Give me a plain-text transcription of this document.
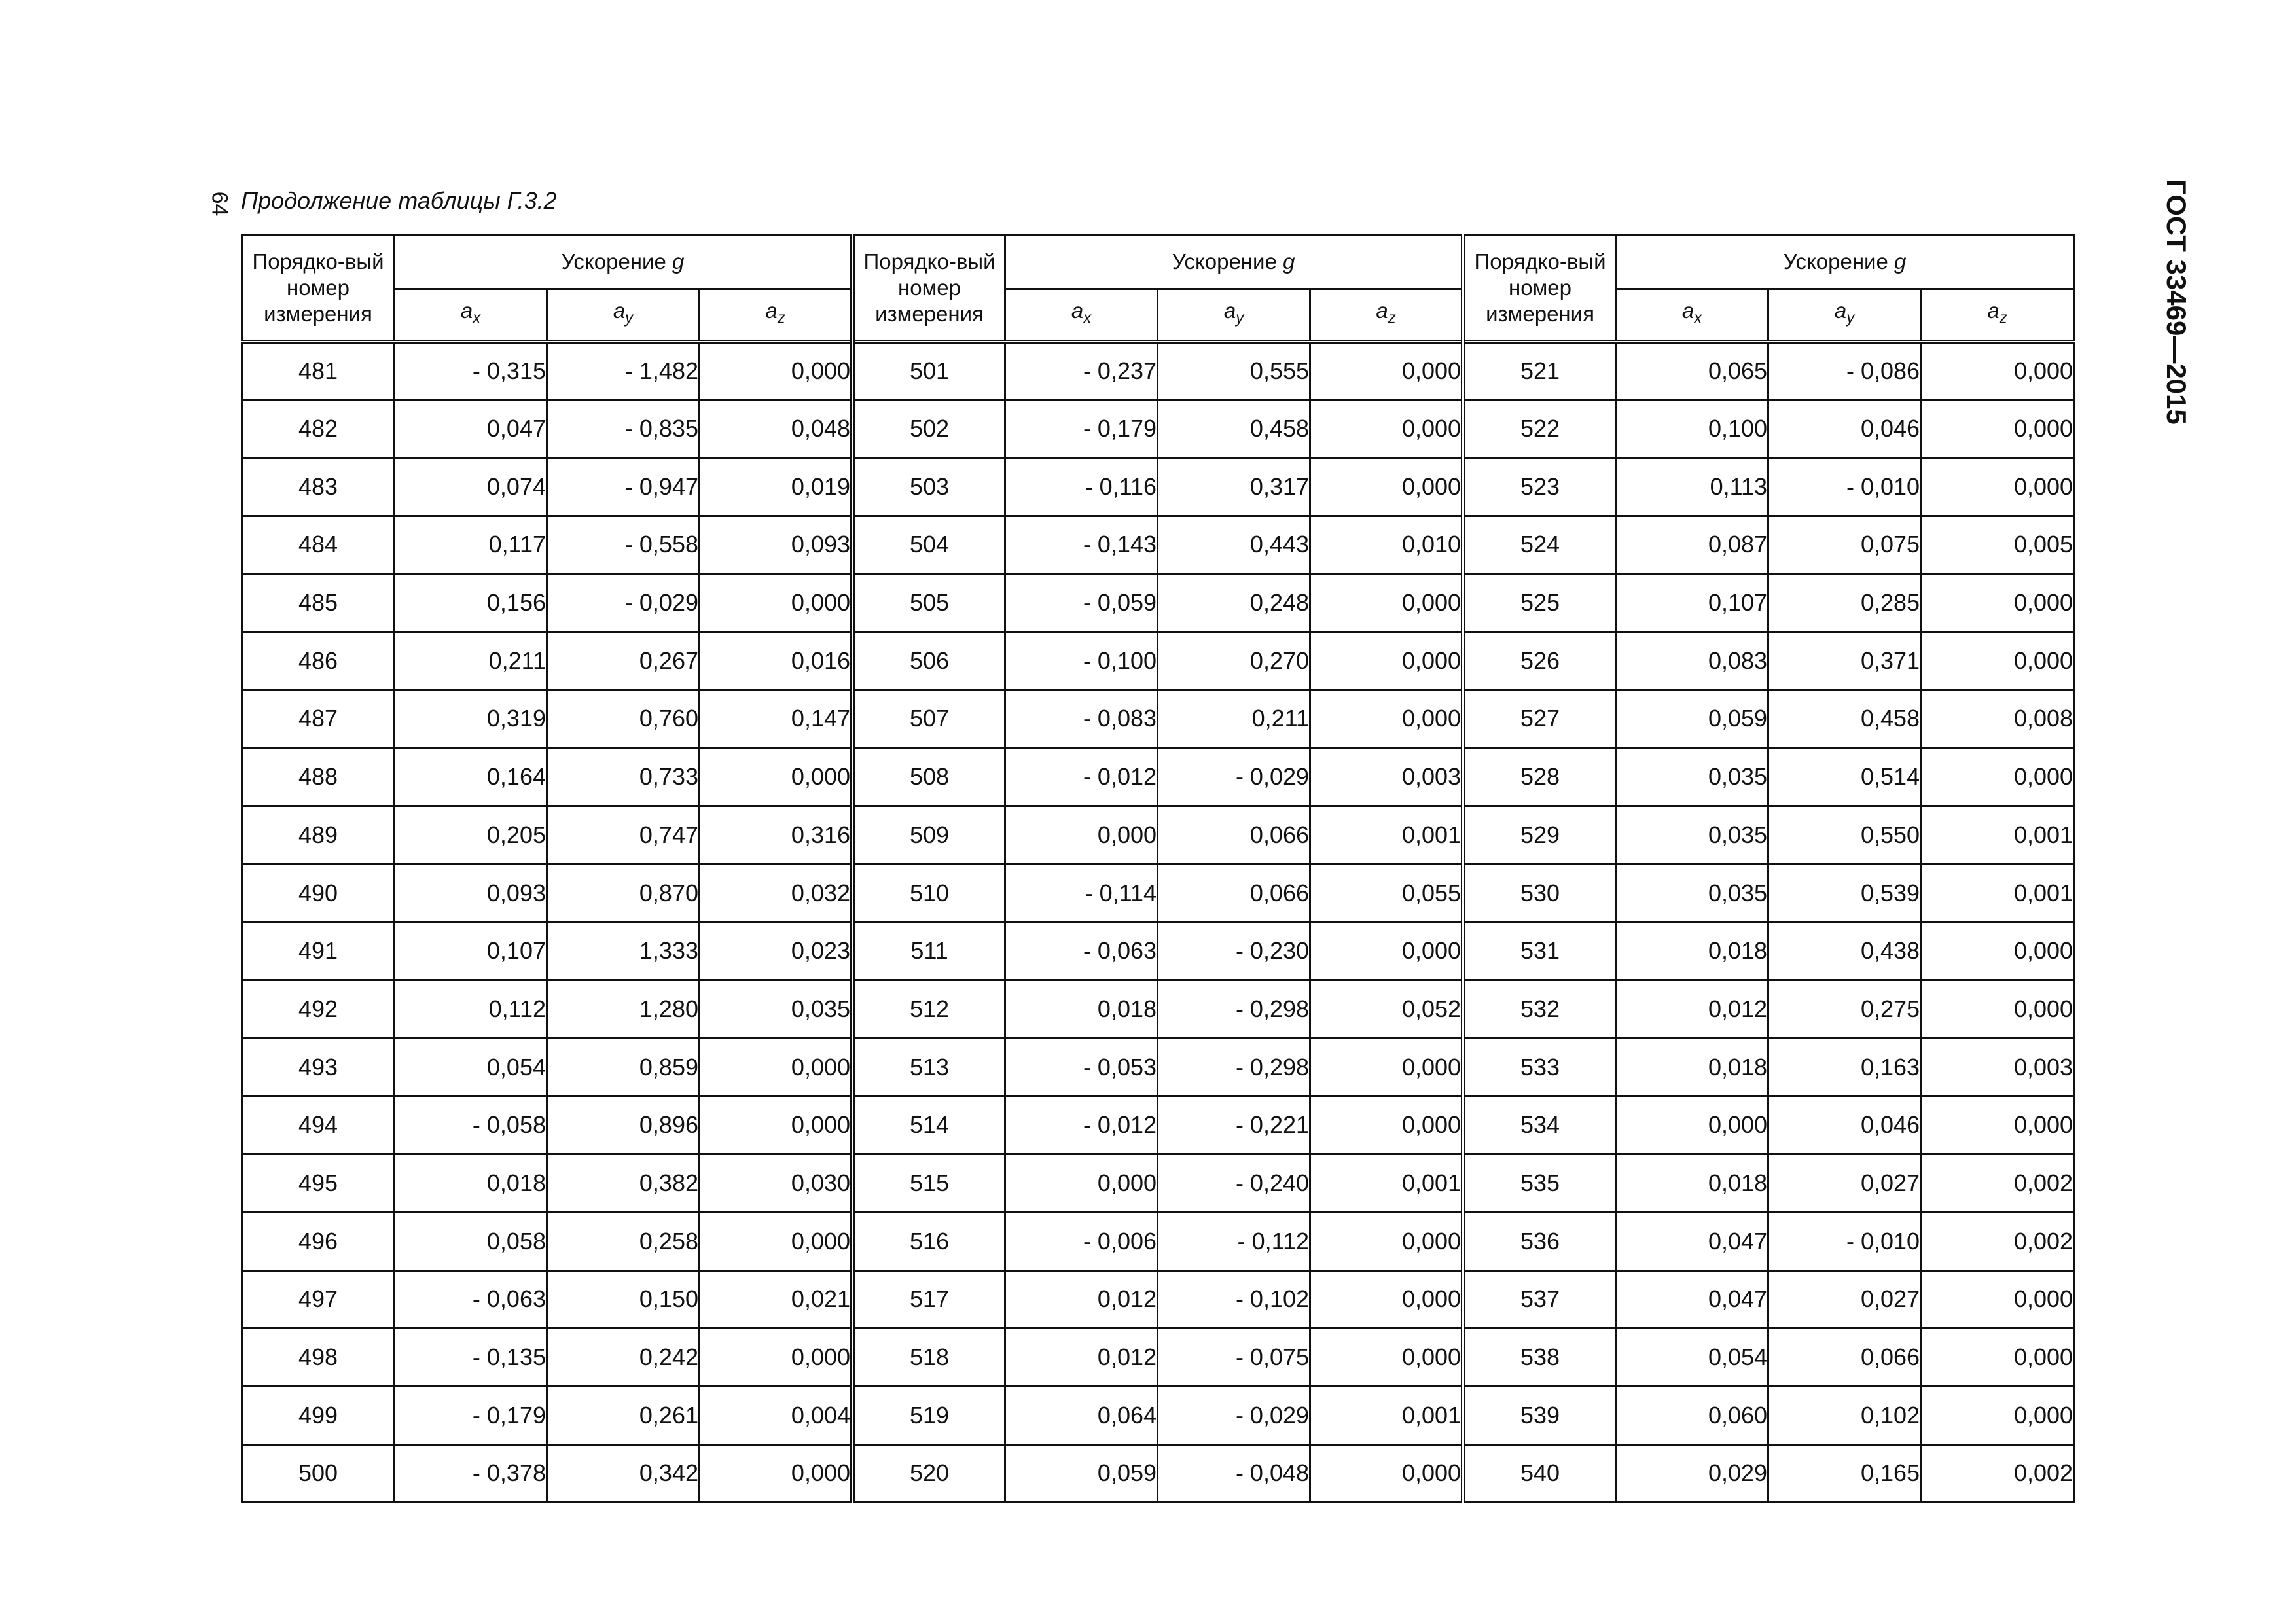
64 Продолжение таблицы Г.3.2	ГОСТ 33469—2015
Порядко-вый номер измерения	Ускорение g			Порядко-вый номер измерения	Ускорение g			Порядко-вый номер измерения	Ускорение g		
	$a_x$	$a_y$	$a_z$		$a_x$	$a_y$	$a_z$		$a_x$	$a_y$	$a_z$
481	- 0,315	- 1,482	0,000	501	- 0,237	0,555	0,000	521	0,065	- 0,086	0,000
482	0,047	- 0,835	0,048	502	- 0,179	0,458	0,000	522	0,100	0,046	0,000
483	0,074	- 0,947	0,019	503	- 0,116	0,317	0,000	523	0,113	- 0,010	0,000
484	0,117	- 0,558	0,093	504	- 0,143	0,443	0,010	524	0,087	0,075	0,005
485	0,156	- 0,029	0,000	505	- 0,059	0,248	0,000	525	0,107	0,285	0,000
486	0,211	0,267	0,016	506	- 0,100	0,270	0,000	526	0,083	0,371	0,000
487	0,319	0,760	0,147	507	- 0,083	0,211	0,000	527	0,059	0,458	0,008
488	0,164	0,733	0,000	508	- 0,012	- 0,029	0,003	528	0,035	0,514	0,000
489	0,205	0,747	0,316	509	0,000	0,066	0,001	529	0,035	0,550	0,001
490	0,093	0,870	0,032	510	- 0,114	0,066	0,055	530	0,035	0,539	0,001
491	0,107	1,333	0,023	511	- 0,063	- 0,230	0,000	531	0,018	0,438	0,000
492	0,112	1,280	0,035	512	0,018	- 0,298	0,052	532	0,012	0,275	0,000
493	0,054	0,859	0,000	513	- 0,053	- 0,298	0,000	533	0,018	0,163	0,003
494	- 0,058	0,896	0,000	514	- 0,012	- 0,221	0,000	534	0,000	0,046	0,000
495	0,018	0,382	0,030	515	0,000	- 0,240	0,001	535	0,018	0,027	0,002
496	0,058	0,258	0,000	516	- 0,006	- 0,112	0,000	536	0,047	- 0,010	0,002
497	- 0,063	0,150	0,021	517	0,012	- 0,102	0,000	537	0,047	0,027	0,000
498	- 0,135	0,242	0,000	518	0,012	- 0,075	0,000	538	0,054	0,066	0,000
499	- 0,179	0,261	0,004	519	0,064	- 0,029	0,001	539	0,060	0,102	0,000
500	- 0,378	0,342	0,000	520	0,059	- 0,048	0,000	540	0,029	0,165	0,002
